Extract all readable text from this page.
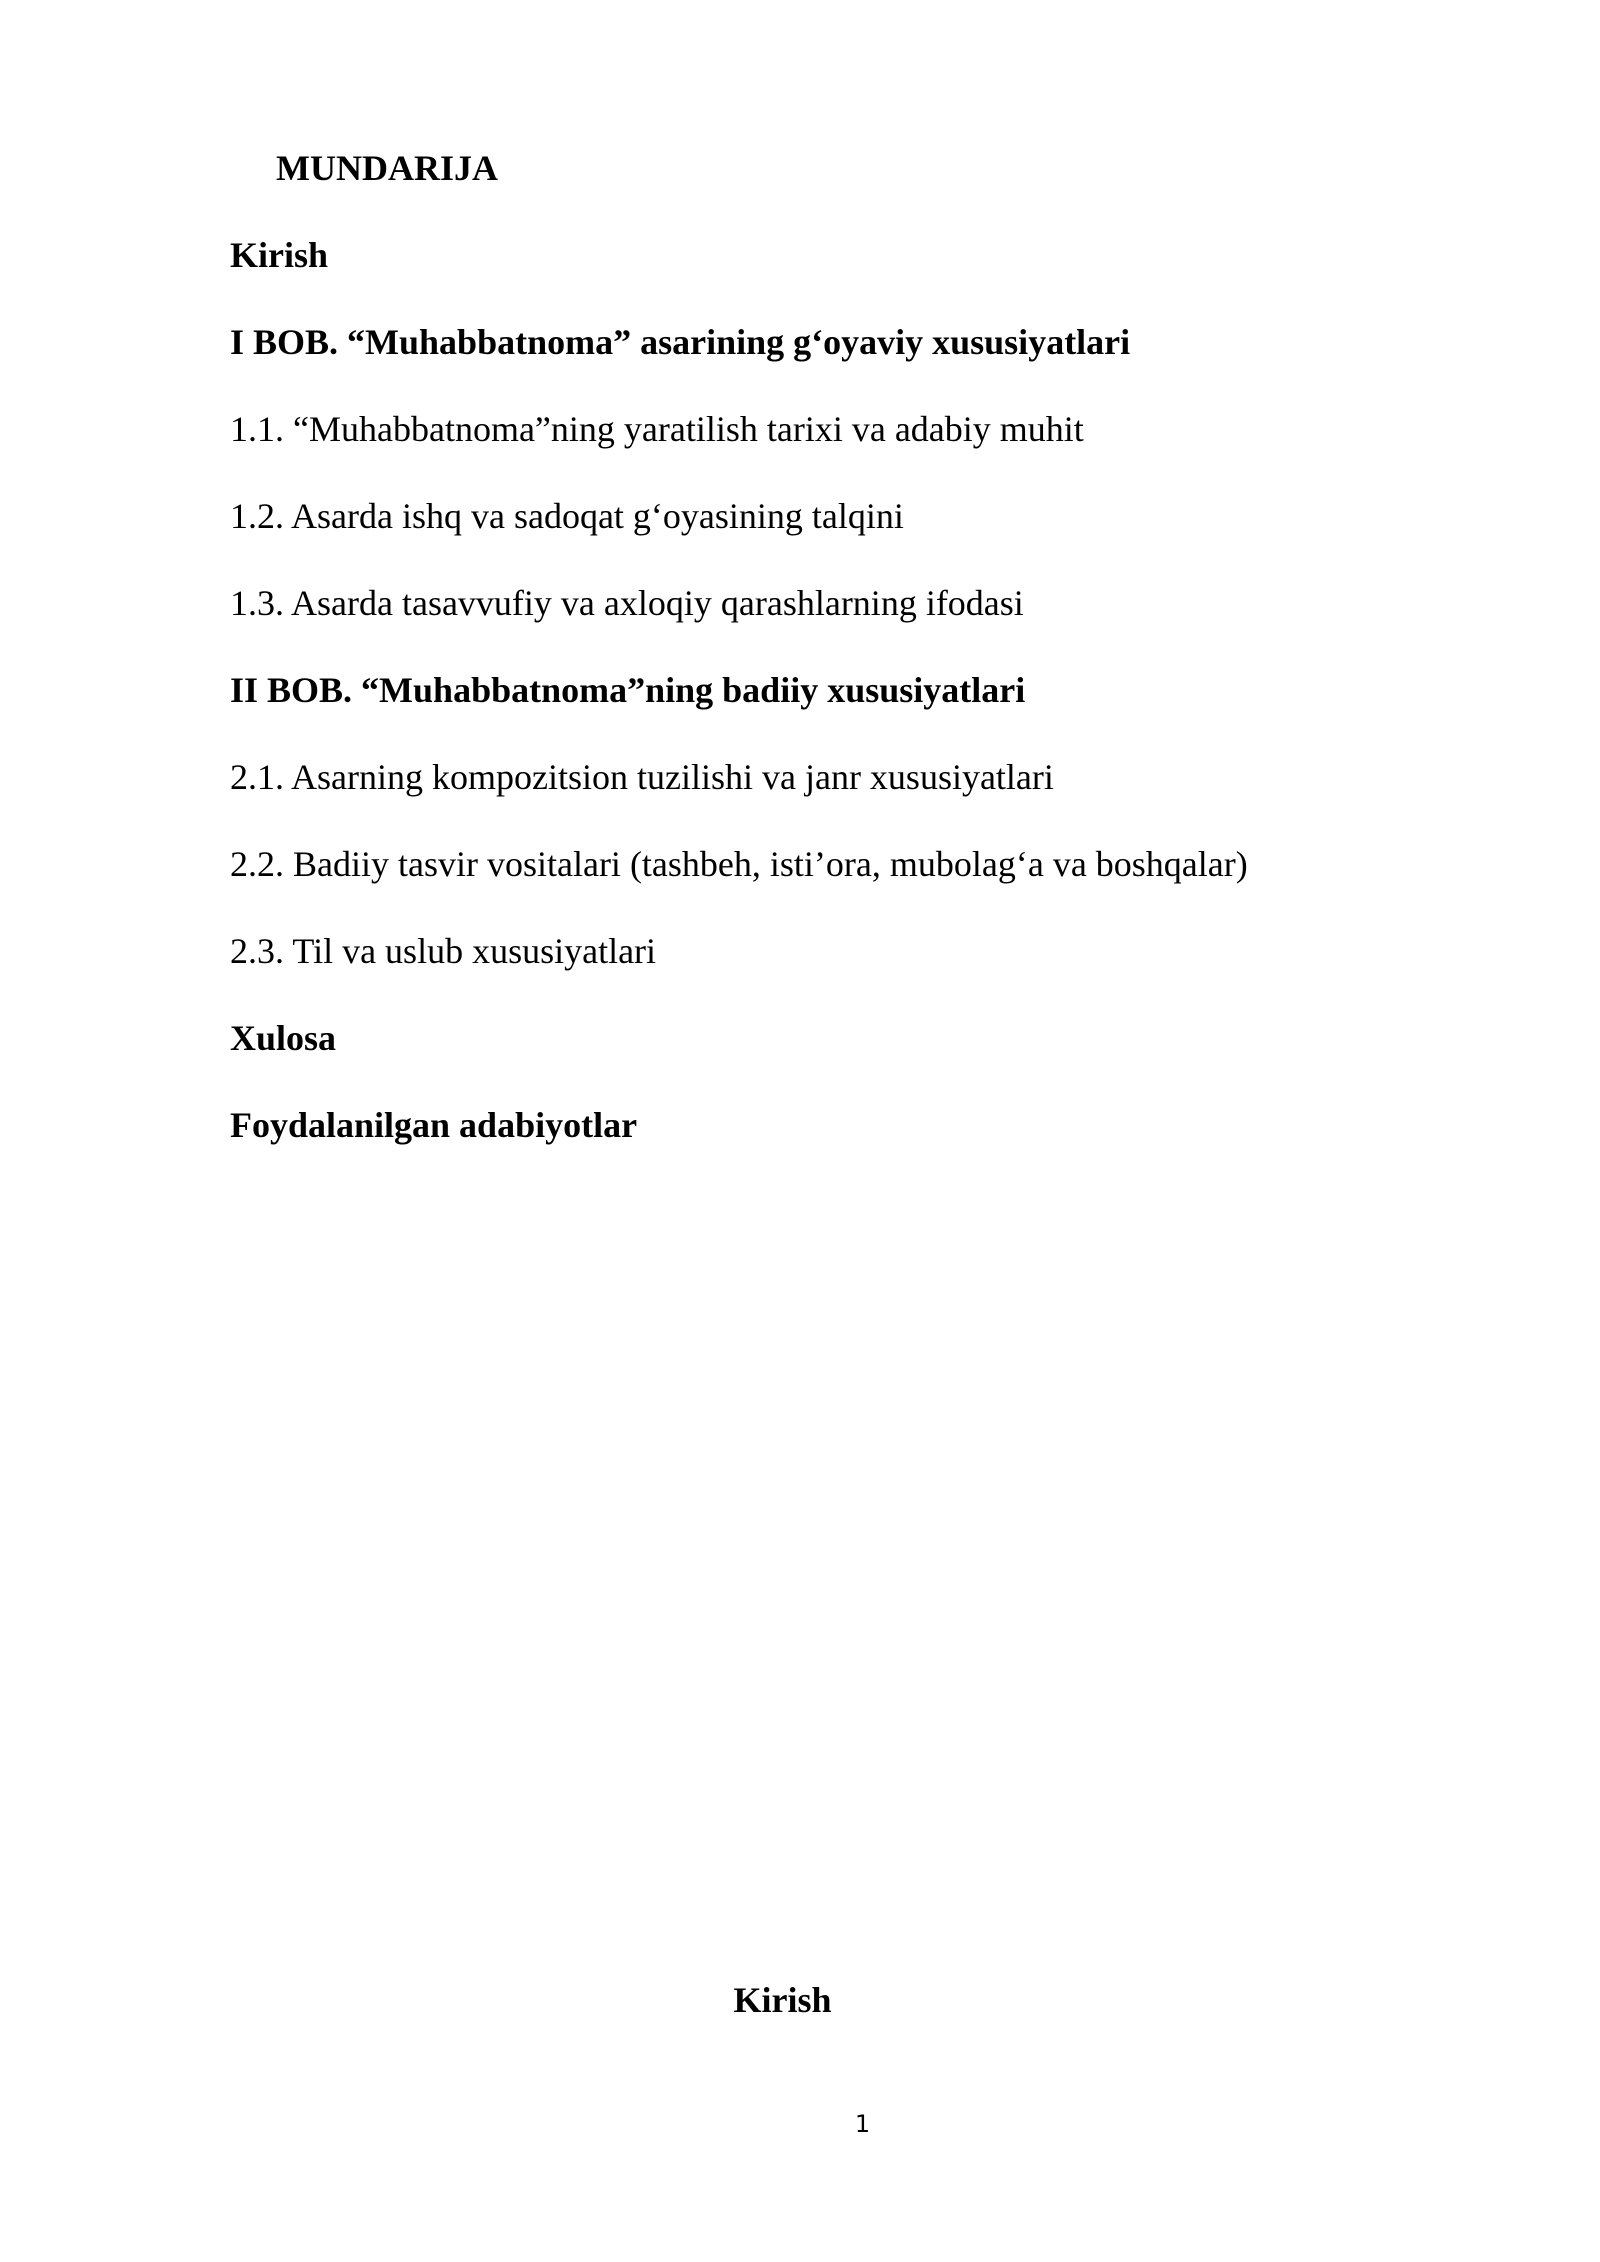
MUNDARIJA
Kirish
I BOB. “Muhabbatnoma” asarining g‘oyaviy xususiyatlari
1.1. “Muhabbatnoma”ning yaratilish tarixi va adabiy muhit
1.2. Asarda ishq va sadoqat g‘oyasining talqini
1.3. Asarda tasavvufiy va axloqiy qarashlarning ifodasi
II BOB. “Muhabbatnoma”ning badiiy xususiyatlari
2.1. Asarning kompozitsion tuzilishi va janr xususiyatlari
2.2. Badiiy tasvir vositalari (tashbeh, isti’ora, mubolag‘a va boshqalar)
2.3. Til va uslub xususiyatlari
Xulosa
Foydalanilgan adabiyotlar
Kirish
1
